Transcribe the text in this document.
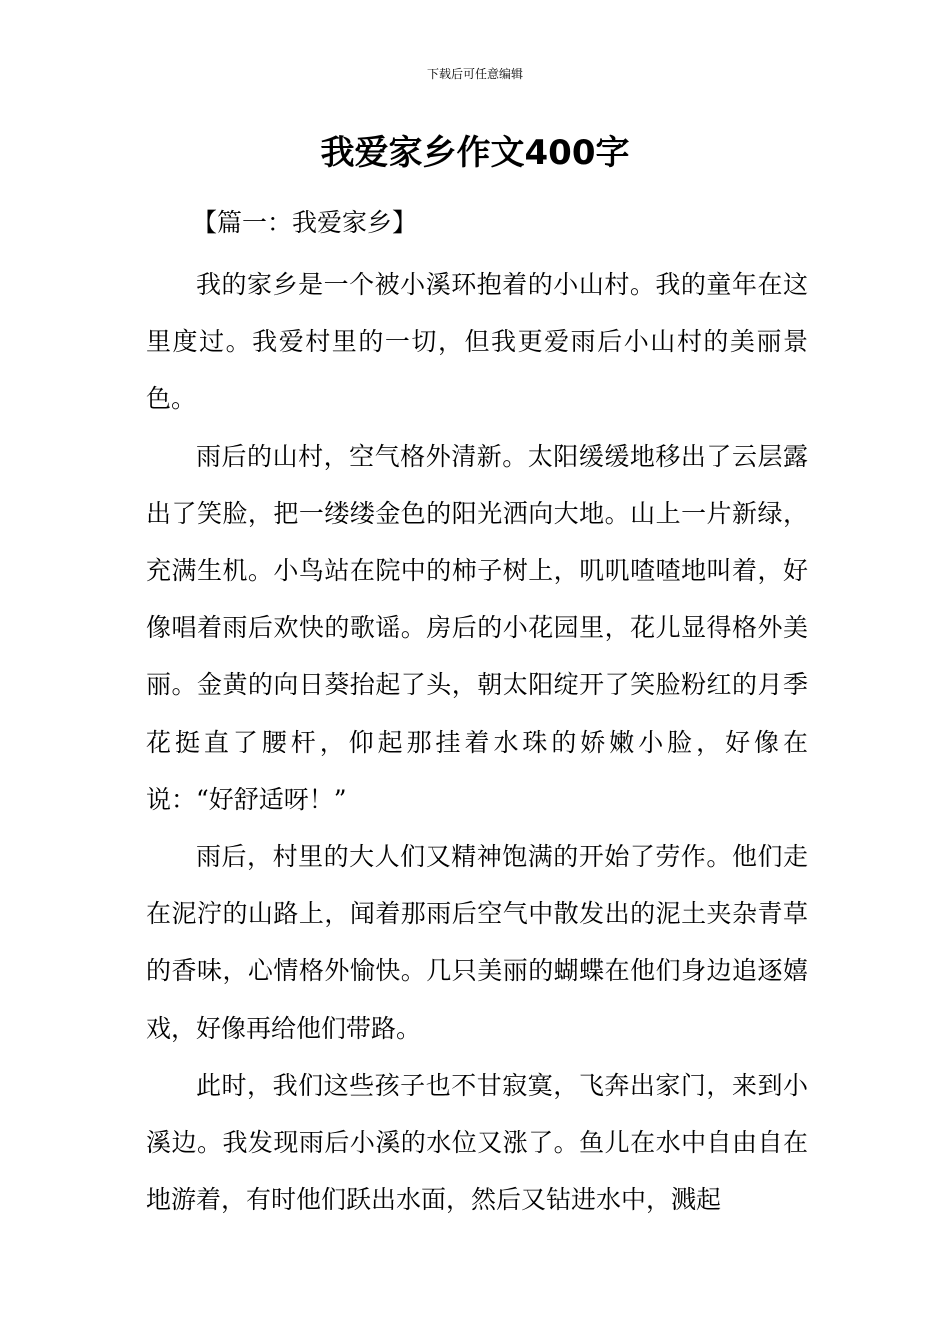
下载后可任意编辑
我爱家乡作文400字
【篇一：我爱家乡】

我的家乡是一个被小溪环抱着的小山村。我的童年在这里度过。我爱村里的一切，但我更爱雨后小山村的美丽景色。

雨后的山村，空气格外清新。太阳缓缓地移出了云层露出了笑脸，把一缕缕金色的阳光洒向大地。山上一片新绿，充满生机。小鸟站在院中的柿子树上，叽叽喳喳地叫着，好像唱着雨后欢快的歌谣。房后的小花园里，花儿显得格外美丽。金黄的向日葵抬起了头，朝太阳绽开了笑脸粉红的月季花挺直了腰杆，仰起那挂着水珠的娇嫩小脸，好像在说：“好舒适呀！”

雨后，村里的大人们又精神饱满的开始了劳作。他们走在泥泞的山路上，闻着那雨后空气中散发出的泥土夹杂青草的香味，心情格外愉快。几只美丽的蝴蝶在他们身边追逐嬉戏，好像再给他们带路。

此时，我们这些孩子也不甘寂寞，飞奔出家门，来到小溪边。我发现雨后小溪的水位又涨了。鱼儿在水中自由自在地游着，有时他们跃出水面，然后又钻进水中，溅起
